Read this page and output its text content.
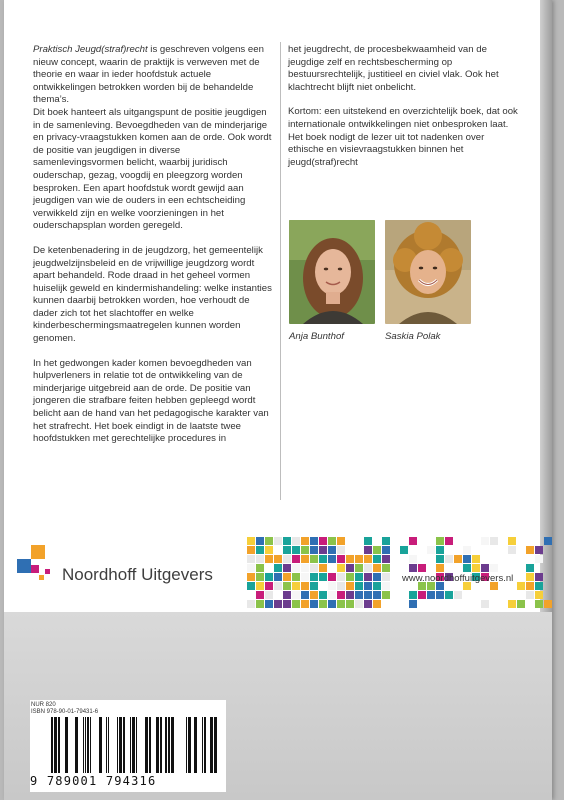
Praktisch Jeugd(straf)recht is geschreven volgens een nieuw concept, waarin de praktijk is verweven met de theorie en waar in ieder hoofdstuk actuele ontwikkelingen betrokken worden bij de behandelde thema’s.
Dit boek hanteert als uitgangspunt de positie jeugdigen in de samenleving. Bevoegdheden van de minderjarige en privacy-vraagstukken komen aan de orde. Ook wordt de positie van jeugdigen in diverse samenlevingsvormen belicht, waarbij juridisch ouderschap, gezag, voogdij en pleegzorg worden besproken. Een apart hoofdstuk wordt gewijd aan jeugdigen van wie de ouders in een echtscheiding verwikkeld zijn en welke voorzieningen in het ouderschapsplan worden geregeld.

De ketenbenadering in de jeugdzorg, het gemeentelijk jeugdwelzijnsbeleid en de vrijwillige jeugdzorg wordt apart behandeld. Rode draad in het geheel vormen huiselijk geweld en kindermishandeling: welke instanties kunnen daarbij betrokken worden, hoe verhoudt de dader zich tot het slachtoffer en welke kinderbeschermingsmaatregelen kunnen worden genomen.

In het gedwongen kader komen bevoegdheden van hulpverleners in relatie tot de ontwikkeling van de minderjarige uitgebreid aan de orde. De positie van jongeren die strafbare feiten hebben gepleegd wordt belicht aan de hand van het pedagogische karakter van het strafrecht. Het boek eindigt in de laatste twee hoofdstukken met gerechtelijke procedures in

het jeugdrecht, de procesbekwaamheid van de jeugdige zelf en rechtsbescherming op bestuursrechtelijk, justitieel en civiel vlak. Ook het klachtrecht blijft niet onbelicht.

Kortom: een uitstekend en overzichtelijk boek, dat ook internationale ontwikkelingen niet onbesproken laat. Het boek nodigt de lezer uit tot nadenken over ethische en visievraagstukken binnen het jeugd(straf)recht

Anja Bunthof	Saskia Polak
Noordhoff Uitgevers	www.noordhoffuitgevers.nl
NUR 820
ISBN 978-90-01-79431-6
9 789001 794316
